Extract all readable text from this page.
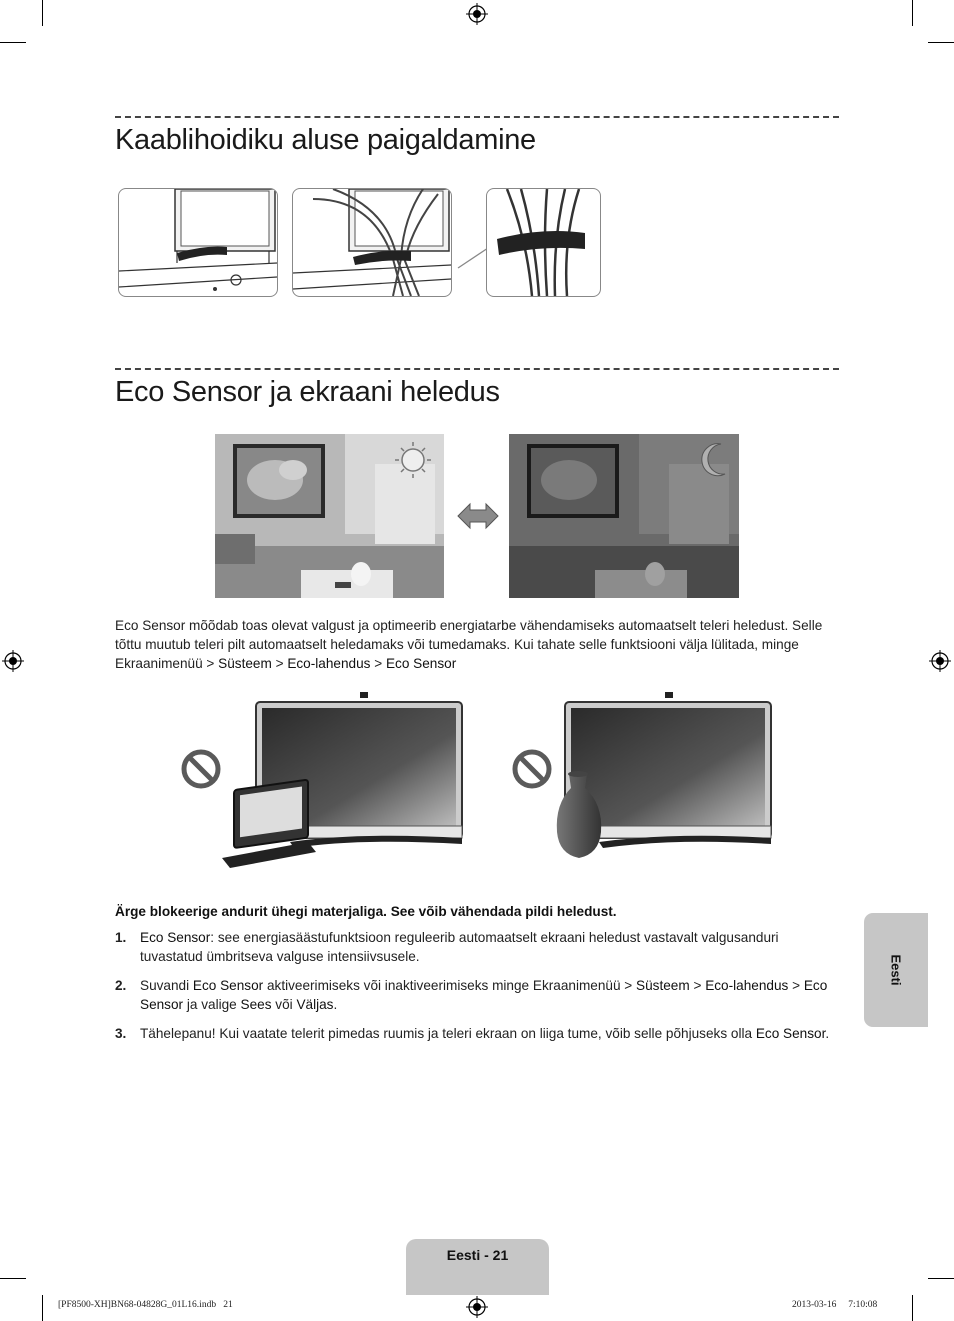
Kaablihoidiku aluse paigaldamine
Eco Sensor ja ekraani heledus
Eco Sensor mõõdab toas olevat valgust ja optimeerib energiatarbe vähendamiseks automaatselt teleri heledust. Selle tõttu muutub teleri pilt automaatselt heledamaks või tumedamaks. Kui tahate selle funktsiooni välja lülitada, minge Ekraanimenüü > Süsteem > Eco-lahendus > Eco Sensor
Ärge blokeerige andurit ühegi materjaliga. See võib vähendada pildi heledust.
1. Eco Sensor: see energiasäästufunktsioon reguleerib automaatselt ekraani heledust vastavalt valgusanduri tuvastatud ümbritseva valguse intensiivsusele.
2. Suvandi Eco Sensor aktiveerimiseks või inaktiveerimiseks minge Ekraanimenüü > Süsteem > Eco-lahendus > Eco Sensor ja valige Sees või Väljas.
3. Tähelepanu! Kui vaatate telerit pimedas ruumis ja teleri ekraan on liiga tume, võib selle põhjuseks olla Eco Sensor.
Eesti
Eesti - 21
[PF8500-XH]BN68-04828G_01L16.indb   21	2013-03-16     7:10:08
